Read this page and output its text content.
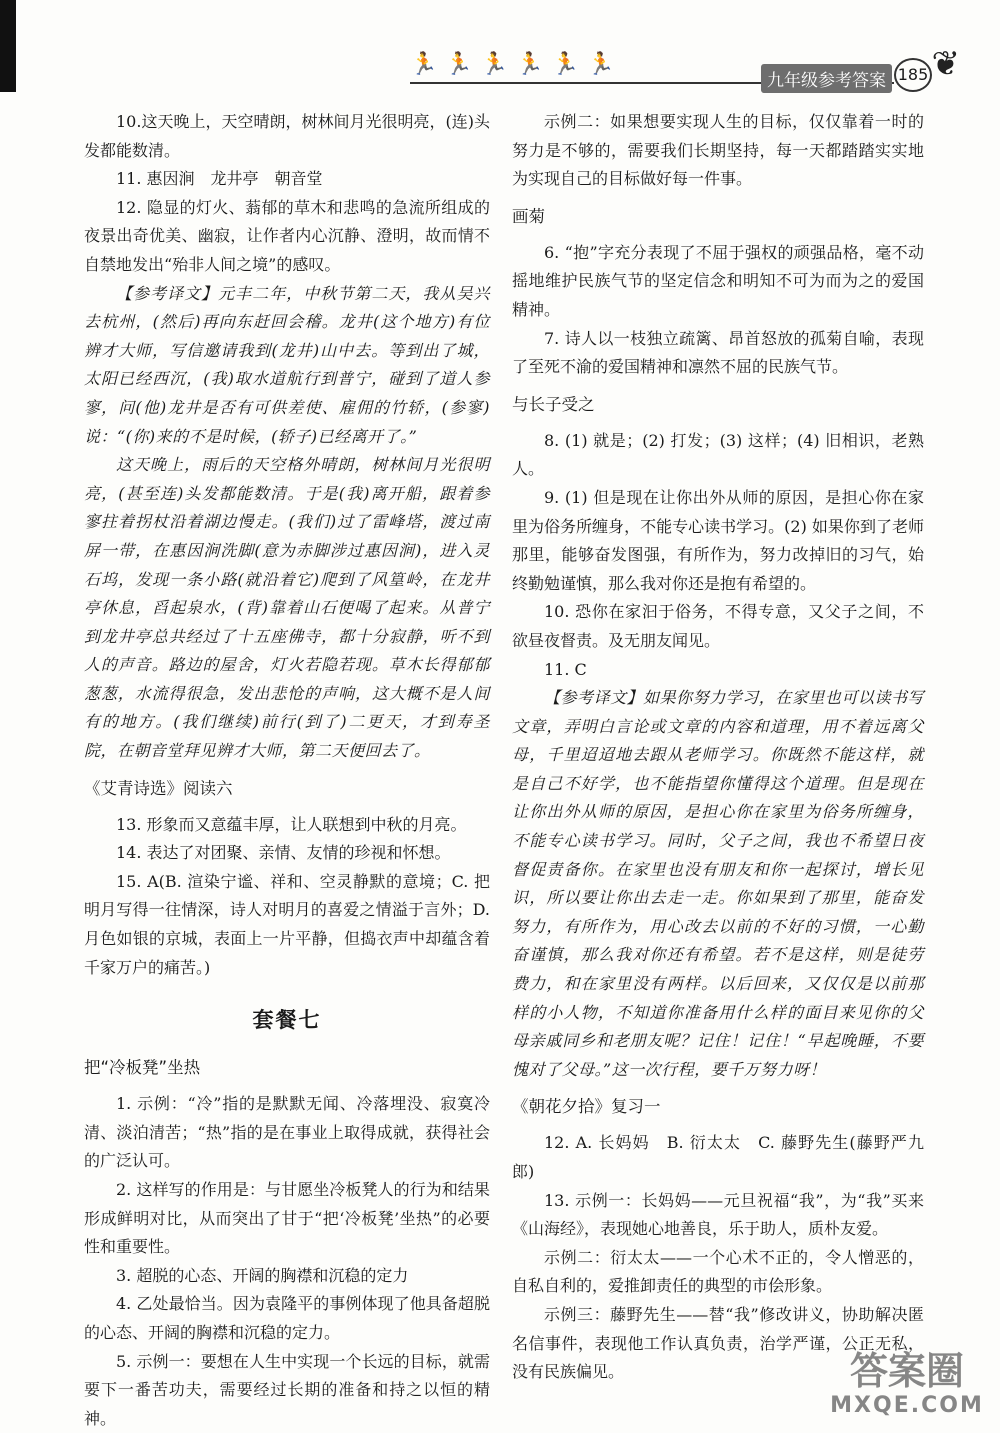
🏃🏃🏃🏃🏃🏃
九年级参考答案 185 ❦

10.这天晚上，天空晴朗，树林间月光很明亮，(连)头发都能数清。

11. 惠因涧　龙井亭　朝音堂

12. 隐显的灯火、蓊郁的草木和悲鸣的急流所组成的夜景出奇优美、幽寂，让作者内心沉静、澄明，故而情不自禁地发出“殆非人间之境”的感叹。

【参考译文】元丰二年，中秋节第二天，我从吴兴去杭州，(然后)再向东赶回会稽。龙井(这个地方)有位辨才大师，写信邀请我到(龙井)山中去。等到出了城，太阳已经西沉，(我)取水道航行到普宁，碰到了道人参寥，问(他)龙井是否有可供差使、雇佣的竹轿，(参寥)说：“(你)来的不是时候，(轿子)已经离开了。”

这天晚上，雨后的天空格外晴朗，树林间月光很明亮，(甚至连)头发都能数清。于是(我)离开船，跟着参寥拄着拐杖沿着湖边慢走。(我们)过了雷峰塔，渡过南屏一带，在惠因涧洗脚(意为赤脚涉过惠因涧)，进入灵石坞，发现一条小路(就沿着它)爬到了风篁岭，在龙井亭休息，舀起泉水，(背)靠着山石便喝了起来。从普宁到龙井亭总共经过了十五座佛寺，都十分寂静，听不到人的声音。路边的屋舍，灯火若隐若现。草木长得郁郁葱葱，水流得很急，发出悲怆的声响，这大概不是人间有的地方。(我们继续)前行(到了)二更天，才到寿圣院，在朝音堂拜见辨才大师，第二天便回去了。

《艾青诗选》阅读六

13. 形象而又意蕴丰厚，让人联想到中秋的月亮。

14. 表达了对团聚、亲情、友情的珍视和怀想。

15. A(B. 渲染宁谧、祥和、空灵静默的意境；C. 把明月写得一往情深，诗人对明月的喜爱之情溢于言外；D. 月色如银的京城，表面上一片平静，但捣衣声中却蕴含着千家万户的痛苦。)

套餐七
把“冷板凳”坐热

1. 示例：“冷”指的是默默无闻、冷落埋没、寂寞冷清、淡泊清苦；“热”指的是在事业上取得成就，获得社会的广泛认可。

2. 这样写的作用是：与甘愿坐冷板凳人的行为和结果形成鲜明对比，从而突出了甘于“把‘冷板凳’坐热”的必要性和重要性。

3. 超脱的心态、开阔的胸襟和沉稳的定力

4. 乙处最恰当。因为袁隆平的事例体现了他具备超脱的心态、开阔的胸襟和沉稳的定力。

5. 示例一：要想在人生中实现一个长远的目标，就需要下一番苦功夫，需要经过长期的准备和持之以恒的精神。

示例二：如果想要实现人生的目标，仅仅靠着一时的努力是不够的，需要我们长期坚持，每一天都踏踏实实地为实现自己的目标做好每一件事。

画菊

6. “抱”字充分表现了不屈于强权的顽强品格，毫不动摇地维护民族气节的坚定信念和明知不可为而为之的爱国精神。

7. 诗人以一枝独立疏篱、昂首怒放的孤菊自喻，表现了至死不渝的爱国精神和凛然不屈的民族气节。

与长子受之

8. (1) 就是；(2) 打发；(3) 这样；(4) 旧相识，老熟人。

9. (1) 但是现在让你出外从师的原因，是担心你在家里为俗务所缠身，不能专心读书学习。(2) 如果你到了老师那里，能够奋发图强，有所作为，努力改掉旧的习气，始终勤勉谨慎，那么我对你还是抱有希望的。

10. 恐你在家汩于俗务，不得专意，又父子之间，不欲昼夜督责。及无朋友闻见。

11. C

【参考译文】如果你努力学习，在家里也可以读书写文章，弄明白言论或文章的内容和道理，用不着远离父母，千里迢迢地去跟从老师学习。你既然不能这样，就是自己不好学，也不能指望你懂得这个道理。但是现在让你出外从师的原因，是担心你在家里为俗务所缠身，不能专心读书学习。同时，父子之间，我也不希望日夜督促责备你。在家里也没有朋友和你一起探讨，增长见识，所以要让你出去走一走。你如果到了那里，能奋发努力，有所作为，用心改去以前的不好的习惯，一心勤奋谨慎，那么我对你还有希望。若不是这样，则是徒劳费力，和在家里没有两样。以后回来，又仅仅是以前那样的小人物，不知道你准备用什么样的面目来见你的父母亲戚同乡和老朋友呢？记住！记住！“早起晚睡，不要愧对了父母。”这一次行程，要千万努力呀！

《朝花夕拾》复习一

12. A. 长妈妈　B. 衍太太　C. 藤野先生(藤野严九郎)

13. 示例一：长妈妈——元旦祝福“我”，为“我”买来《山海经》，表现她心地善良，乐于助人，质朴友爱。

示例二：衍太太——一个心术不正的，令人憎恶的，自私自利的，爱推卸责任的典型的市侩形象。

示例三：藤野先生——替“我”修改讲义，协助解决匿名信事件，表现他工作认真负责，治学严谨，公正无私，没有民族偏见。	答案圈
MXQE.COM
